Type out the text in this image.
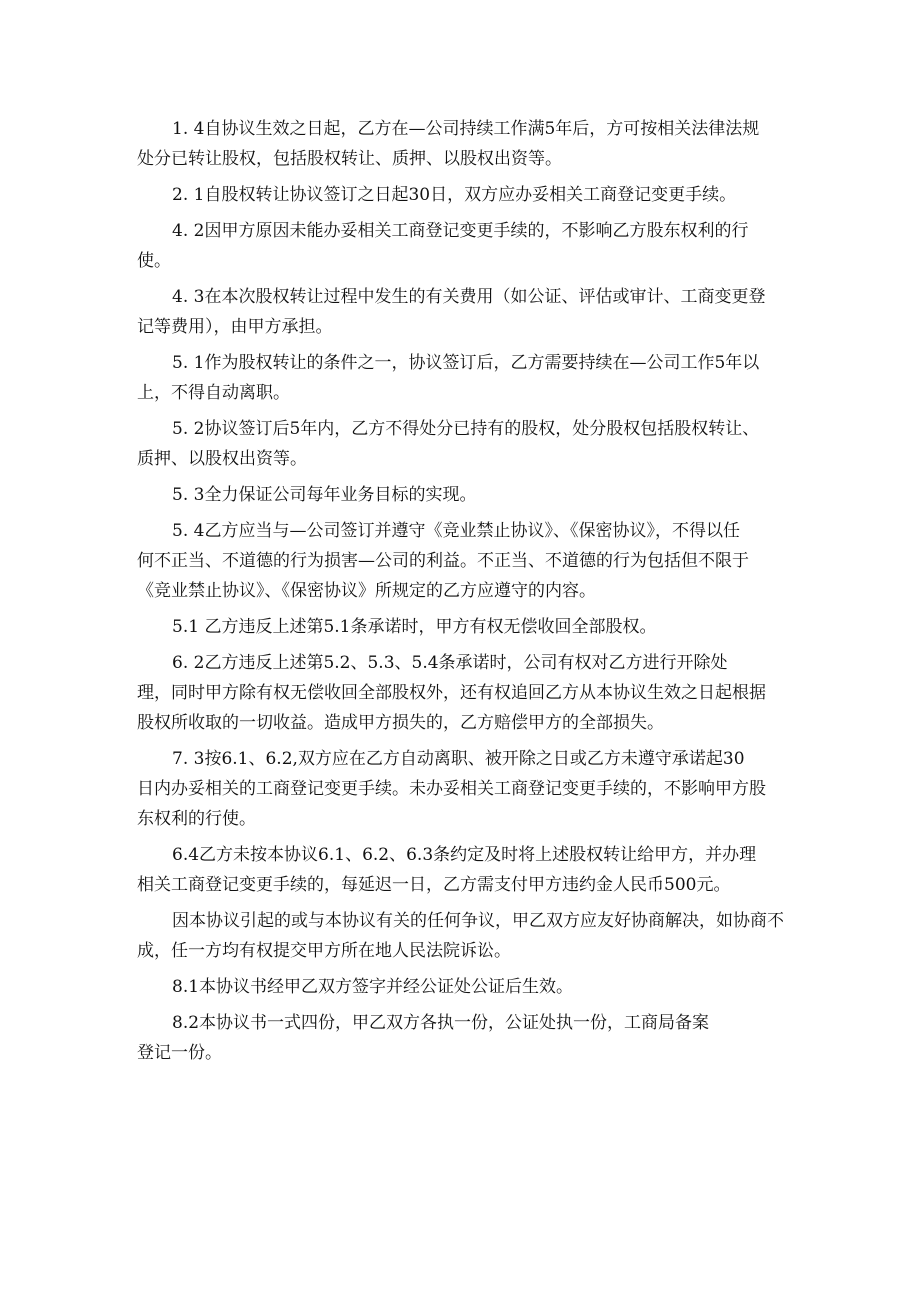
1. 4自协议生效之日起，乙方在—公司持续工作满5年后，方可按相关法律法规
处分已转让股权，包括股权转让、质押、以股权出资等。
2. 1自股权转让协议签订之日起30日，双方应办妥相关工商登记变更手续。
4. 2因甲方原因未能办妥相关工商登记变更手续的，不影响乙方股东权利的行
使。
4. 3在本次股权转让过程中发生的有关费用（如公证、评估或审计、工商变更登
记等费用），由甲方承担。
5. 1作为股权转让的条件之一，协议签订后，乙方需要持续在—公司工作5年以
上，不得自动离职。
5. 2协议签订后5年内，乙方不得处分已持有的股权，处分股权包括股权转让、
质押、以股权出资等。
5. 3全力保证公司每年业务目标的实现。
5. 4乙方应当与—公司签订并遵守《竞业禁止协议》、《保密协议》，不得以任
何不正当、不道德的行为损害—公司的利益。不正当、不道德的行为包括但不限于
《竞业禁止协议》、《保密协议》所规定的乙方应遵守的内容。
5.1 乙方违反上述第5.1条承诺时，甲方有权无偿收回全部股权。
6. 2乙方违反上述第5.2、5.3、5.4条承诺时，公司有权对乙方进行开除处
理，同时甲方除有权无偿收回全部股权外，还有权追回乙方从本协议生效之日起根据
股权所收取的一切收益。造成甲方损失的，乙方赔偿甲方的全部损失。
7. 3按6.1、6.2,双方应在乙方自动离职、被开除之日或乙方未遵守承诺起30
日内办妥相关的工商登记变更手续。未办妥相关工商登记变更手续的，不影响甲方股
东权利的行使。
6.4乙方未按本协议6.1、6.2、6.3条约定及时将上述股权转让给甲方，并办理
相关工商登记变更手续的，每延迟一日，乙方需支付甲方违约金人民币500元。
因本协议引起的或与本协议有关的任何争议，甲乙双方应友好协商解决，如协商不
成，任一方均有权提交甲方所在地人民法院诉讼。
8.1本协议书经甲乙双方签字并经公证处公证后生效。
8.2本协议书一式四份，甲乙双方各执一份，公证处执一份，工商局备案
登记一份。
